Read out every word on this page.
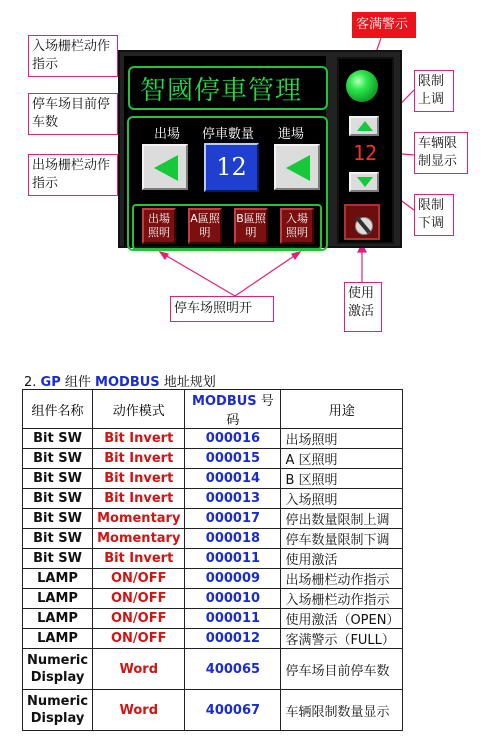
入场栅栏动作指示
停车场目前停车数
出场栅栏动作指示
停车场照明开
客满警示
限制上调
车辆限制显示
限制下调
使用激活
智國停車管理
出場 停車數量 進場
12
出場照明
A區照明
B區照明
入場照明
12
2. GP 组件 MODBUS 地址规划
组件名称	动作模式	MODBUS 号码	用途
Bit SW	Bit Invert	000016	出场照明
Bit SW	Bit Invert	000015	A 区照明
Bit SW	Bit Invert	000014	B 区照明
Bit SW	Bit Invert	000013	入场照明
Bit SW	Momentary	000017	停出数量限制上调
Bit SW	Momentary	000018	停车数量限制下调
Bit SW	Bit Invert	000011	使用激活
LAMP	ON/OFF	000009	出场栅栏动作指示
LAMP	ON/OFF	000010	入场栅栏动作指示
LAMP	ON/OFF	000011	使用激活（OPEN）
LAMP	ON/OFF	000012	客满警示（FULL）
Numeric Display	Word	400065	停车场目前停车数
Numeric Display	Word	400067	车辆限制数量显示
